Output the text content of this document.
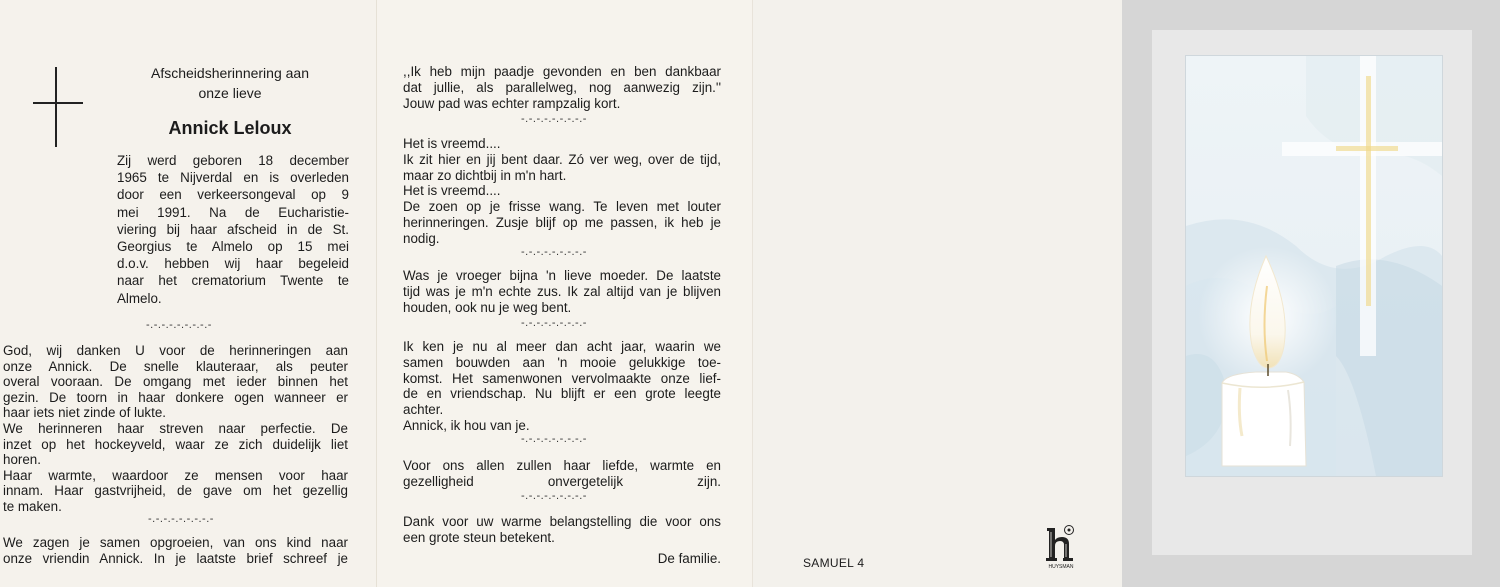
Afscheidsherinnering aan
onze lieve
Annick Leloux
Zij werd geboren 18 december
1965 te Nijverdal en is overleden
door een verkeersongeval op 9
mei 1991. Na de Eucharistie-
viering bij haar afscheid in de St.
Georgius te Almelo op 15 mei
d.o.v. hebben wij haar begeleid
naar het crematorium Twente te
Almelo.
-.-.-.-.-.-.-.-.-
God, wij danken U voor de herinneringen aan
onze Annick. De snelle klauteraar, als peuter
overal vooraan. De omgang met ieder binnen het
gezin. De toorn in haar donkere ogen wanneer er
haar iets niet zinde of lukte.
We herinneren haar streven naar perfectie. De
inzet op het hockeyveld, waar ze zich duidelijk liet
horen.
Haar warmte, waardoor ze mensen voor haar
innam. Haar gastvrijheid, de gave om het gezellig
te maken.
-.-.-.-.-.-.-.-.-
We zagen je samen opgroeien, van ons kind naar
onze vriendin Annick. In je laatste brief schreef je
,,Ik heb mijn paadje gevonden en ben dankbaar
dat jullie, als parallelweg, nog aanwezig zijn.''
Jouw pad was echter rampzalig kort.
-.-.-.-.-.-.-.-.-
Het is vreemd....
Ik zit hier en jij bent daar. Zó ver weg, over de tijd,
maar zo dichtbij in m'n hart.
Het is vreemd....
De zoen op je frisse wang. Te leven met louter
herinneringen. Zusje blijf op me passen, ik heb je
nodig.
-.-.-.-.-.-.-.-.-
Was je vroeger bijna 'n lieve moeder. De laatste
tijd was je m'n echte zus. Ik zal altijd van je blijven
houden, ook nu je weg bent.
-.-.-.-.-.-.-.-.-
Ik ken je nu al meer dan acht jaar, waarin we
samen bouwden aan 'n mooie gelukkige toe-
komst. Het samenwonen vervolmaakte onze lief-
de en vriendschap. Nu blijft er een grote leegte
achter.
Annick, ik hou van je.
-.-.-.-.-.-.-.-.-
Voor ons allen zullen haar liefde, warmte en
gezelligheid onvergetelijk zijn.
-.-.-.-.-.-.-.-.-
Dank voor uw warme belangstelling die voor ons
een grote steun betekent.
De familie.	SAMUEL 4	HUYSMAN
